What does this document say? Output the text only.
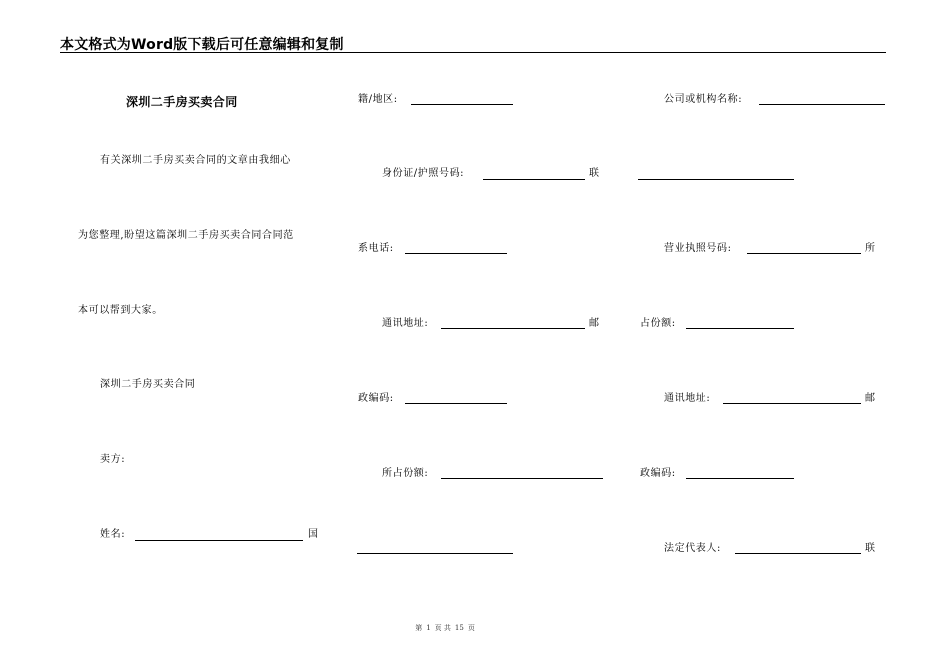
本文格式为Word版下载后可任意编辑和复制
深圳二手房买卖合同
有关深圳二手房买卖合同的文章由我细心
为您整理,盼望这篇深圳二手房买卖合同合同范
本可以帮到大家。
深圳二手房买卖合同
卖方:
姓名:	国
籍/地区:
身份证/护照号码:	联
系电话:
通讯地址:	邮
政编码:
所占份额:
公司或机构名称:
营业执照号码:	所
占份额:
通讯地址:	邮
政编码:
法定代表人:	联
第 1 页 共 15 页
